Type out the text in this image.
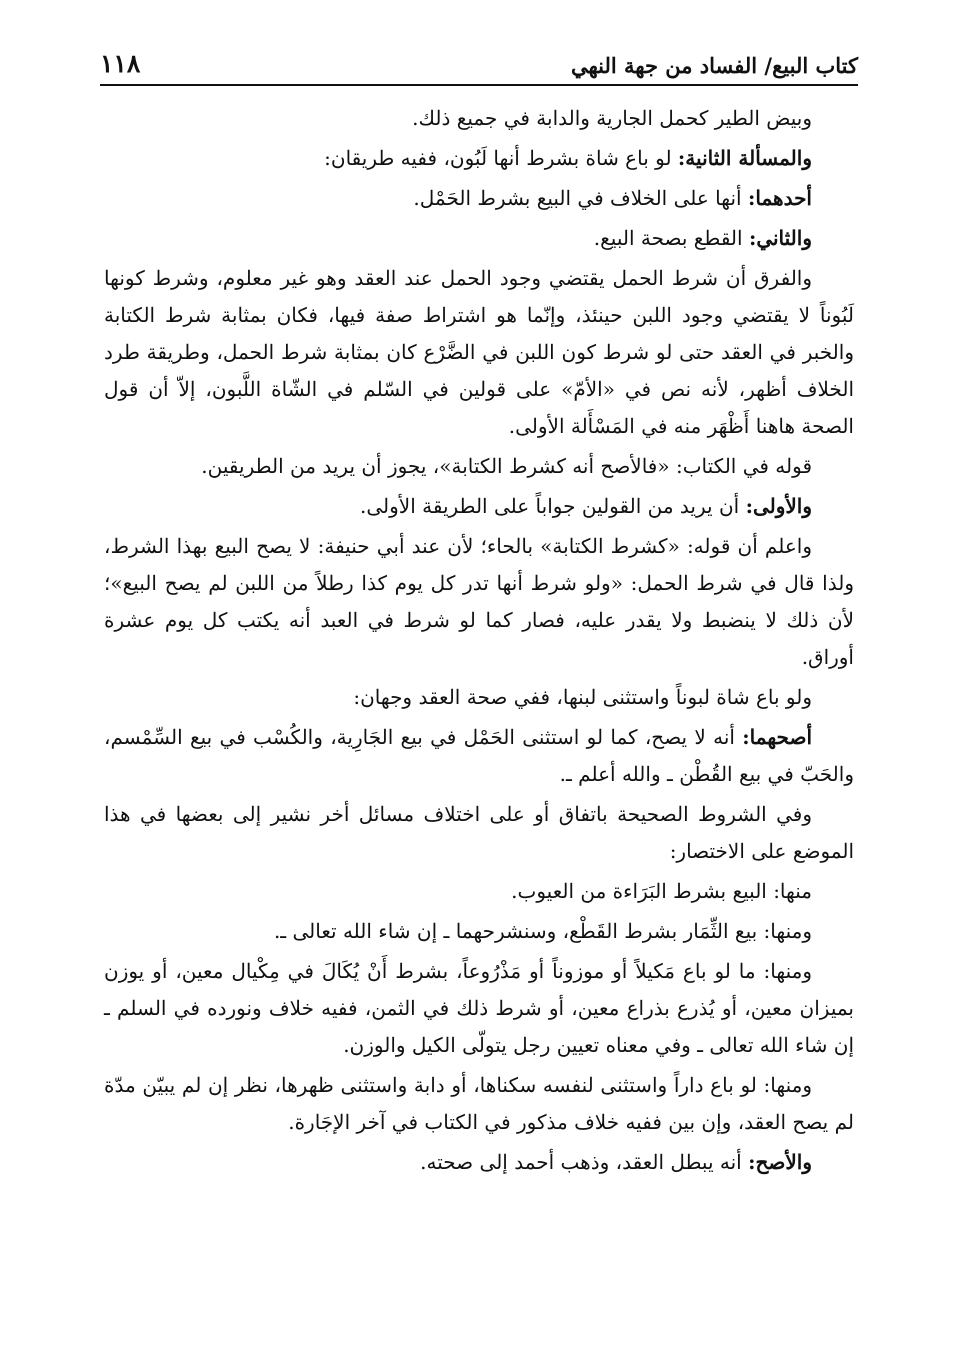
كتاب البيع/ الفساد من جهة النهي
١١٨
وبيض الطير كحمل الجارية والدابة في جميع ذلك.
والمسألة الثانية: لو باع شاة بشرط أنها لَبُون، ففيه طريقان:
أحدهما: أنها على الخلاف في البيع بشرط الحَمْل.
والثاني: القطع بصحة البيع.
والفرق أن شرط الحمل يقتضي وجود الحمل عند العقد وهو غير معلوم، وشرط كونها لَبُوناً لا يقتضي وجود اللبن حينئذ، وإنّما هو اشتراط صفة فيها، فكان بمثابة شرط الكتابة والخبر في العقد حتى لو شرط كون اللبن في الضَّرْع كان بمثابة شرط الحمل، وطريقة طرد الخلاف أظهر، لأنه نص في «الأمّ» على قولين في السّلم في الشّاة اللَّبون، إلاّ أن قول الصحة هاهنا أَظْهَر منه في المَسْأَلة الأولى.
قوله في الكتاب: «فالأصح أنه كشرط الكتابة»، يجوز أن يريد من الطريقين.
والأولى: أن يريد من القولين جواباً على الطريقة الأولى.
واعلم أن قوله: «كشرط الكتابة» بالحاء؛ لأن عند أبي حنيفة: لا يصح البيع بهذا الشرط، ولذا قال في شرط الحمل: «ولو شرط أنها تدر كل يوم كذا رطلاً من اللبن لم يصح البيع»؛ لأن ذلك لا ينضبط ولا يقدر عليه، فصار كما لو شرط في العبد أنه يكتب كل يوم عشرة أوراق.
ولو باع شاة لبوناً واستثنى لبنها، ففي صحة العقد وجهان:
أصحهما: أنه لا يصح، كما لو استثنى الحَمْل في بيع الجَارِية، والكُسْب في بيع السِّمْسم، والحَبّ في بيع القُطْن ـ والله أعلم ـ.
وفي الشروط الصحيحة باتفاق أو على اختلاف مسائل أخر نشير إلى بعضها في هذا الموضع على الاختصار:
منها: البيع بشرط البَرَاءة من العيوب.
ومنها: بيع الثِّمَار بشرط القَطْع، وسنشرحهما ـ إن شاء الله تعالى ـ.
ومنها: ما لو باع مَكيلاً أو موزوناً أو مَذْرُوعاً، بشرط أَنْ يُكَالَ في مِكْيال معين، أو يوزن بميزان معين، أو يُذرع بذراع معين، أو شرط ذلك في الثمن، ففيه خلاف ونورده في السلم ـ إن شاء الله تعالى ـ وفي معناه تعيين رجل يتولّى الكيل والوزن.
ومنها: لو باع داراً واستثنى لنفسه سكناها، أو دابة واستثنى ظهرها، نظر إن لم يبيّن مدّة لم يصح العقد، وإن بين ففيه خلاف مذكور في الكتاب في آخر الإجَارة.
والأصح: أنه يبطل العقد، وذهب أحمد إلى صحته.
